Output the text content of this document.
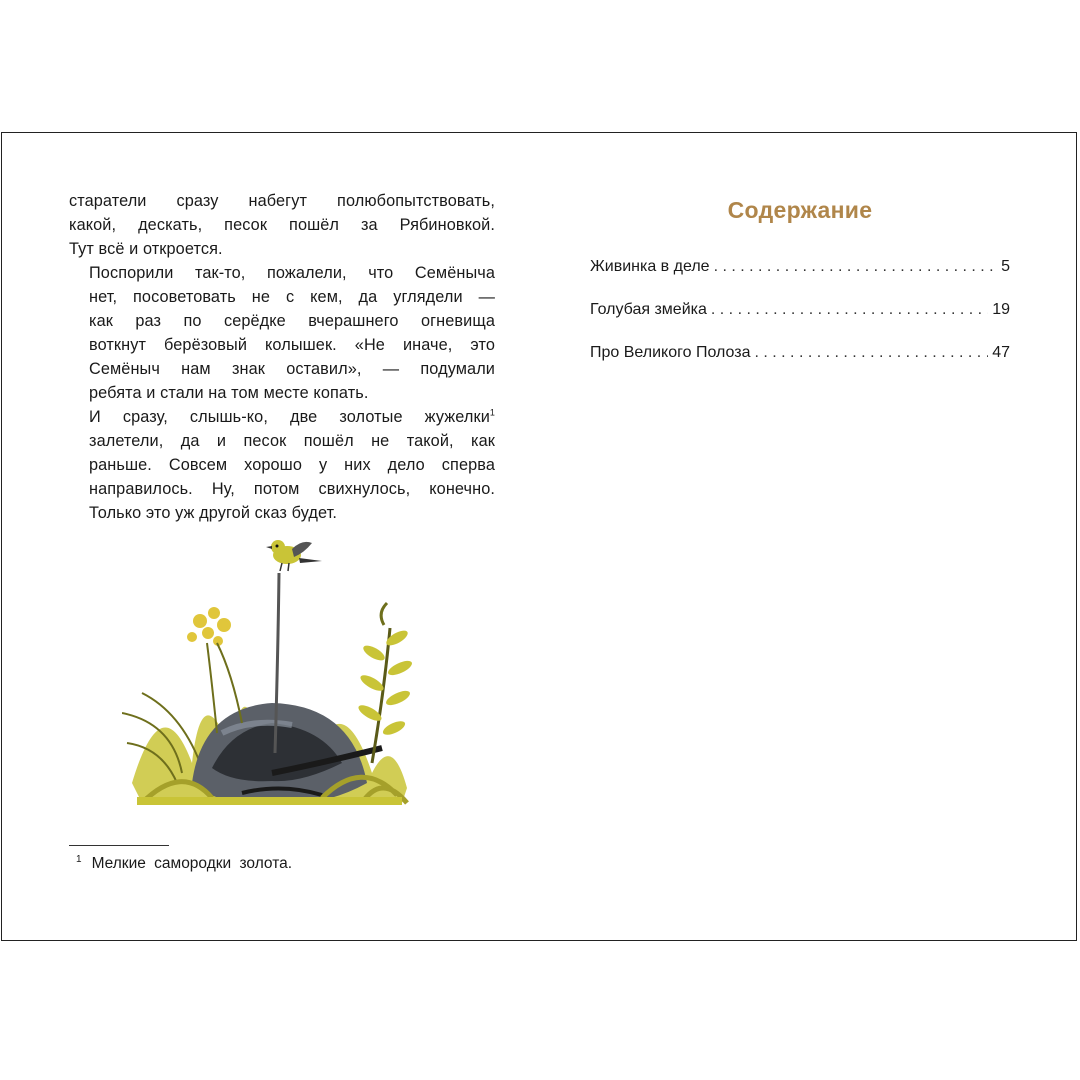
старатели сразу набегут полюбопытствовать,
какой, дескать, песок пошёл за Рябиновкой.
Тут всё и откроется.

Поспорили так-то, пожалели, что Семёныча
нет, посоветовать не с кем, да углядели —
как раз по серёдке вчерашнего огневища
воткнут берёзовый колышек. «Не иначе, это
Семёныч нам знак оставил», — подумали
ребята и стали на том месте копать.

И сразу, слышь-ко, две золотые жужелки$^1$
залетели, да и песок пошёл не такой, как
раньше. Совсем хорошо у них дело сперва
направилось. Ну, потом свихнулось, конечно.
Только это уж другой сказ будет.

$^1$ Мелкие самородки золота.
Содержание
Живинка в деле . . .	5
Голубая змейка . . .	19
Про Великого Полоза . . .	47
